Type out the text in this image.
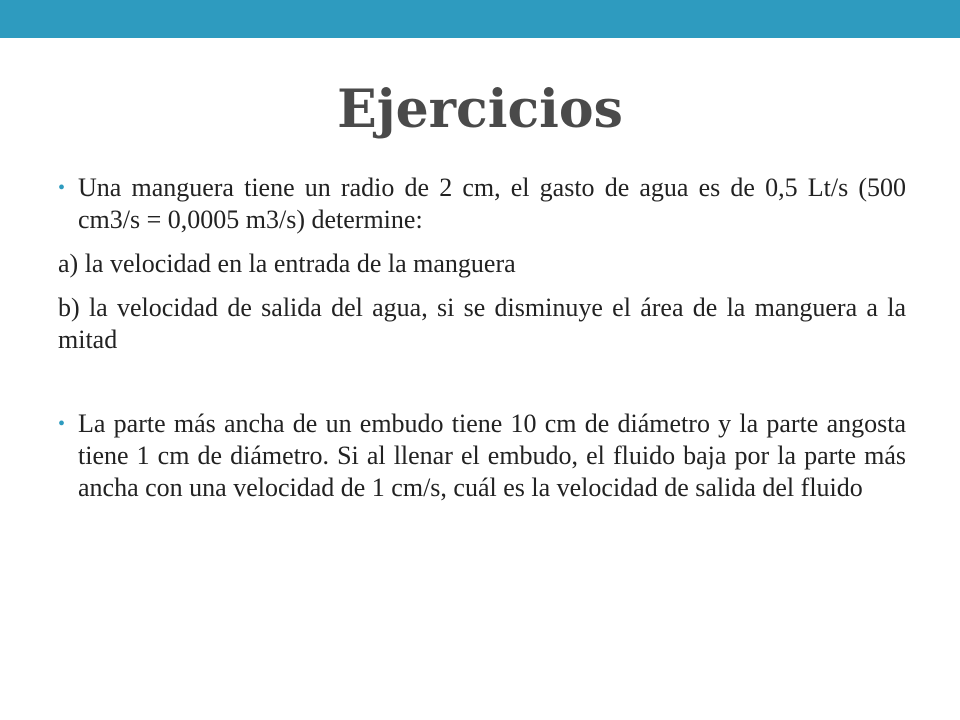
Ejercicios
• Una manguera tiene un radio de 2 cm, el gasto de agua es de 0,5 Lt/s (500 cm3/s = 0,0005 m3/s) determine:
a) la velocidad en la entrada de la manguera
b) la velocidad de salida del agua, si se disminuye el área de la manguera a la mitad
• La parte más ancha de un embudo tiene 10 cm de diámetro y la parte angosta tiene 1 cm de diámetro. Si al llenar el embudo, el fluido baja por la parte más ancha con una velocidad de 1 cm/s, cuál es la velocidad de salida del fluido
